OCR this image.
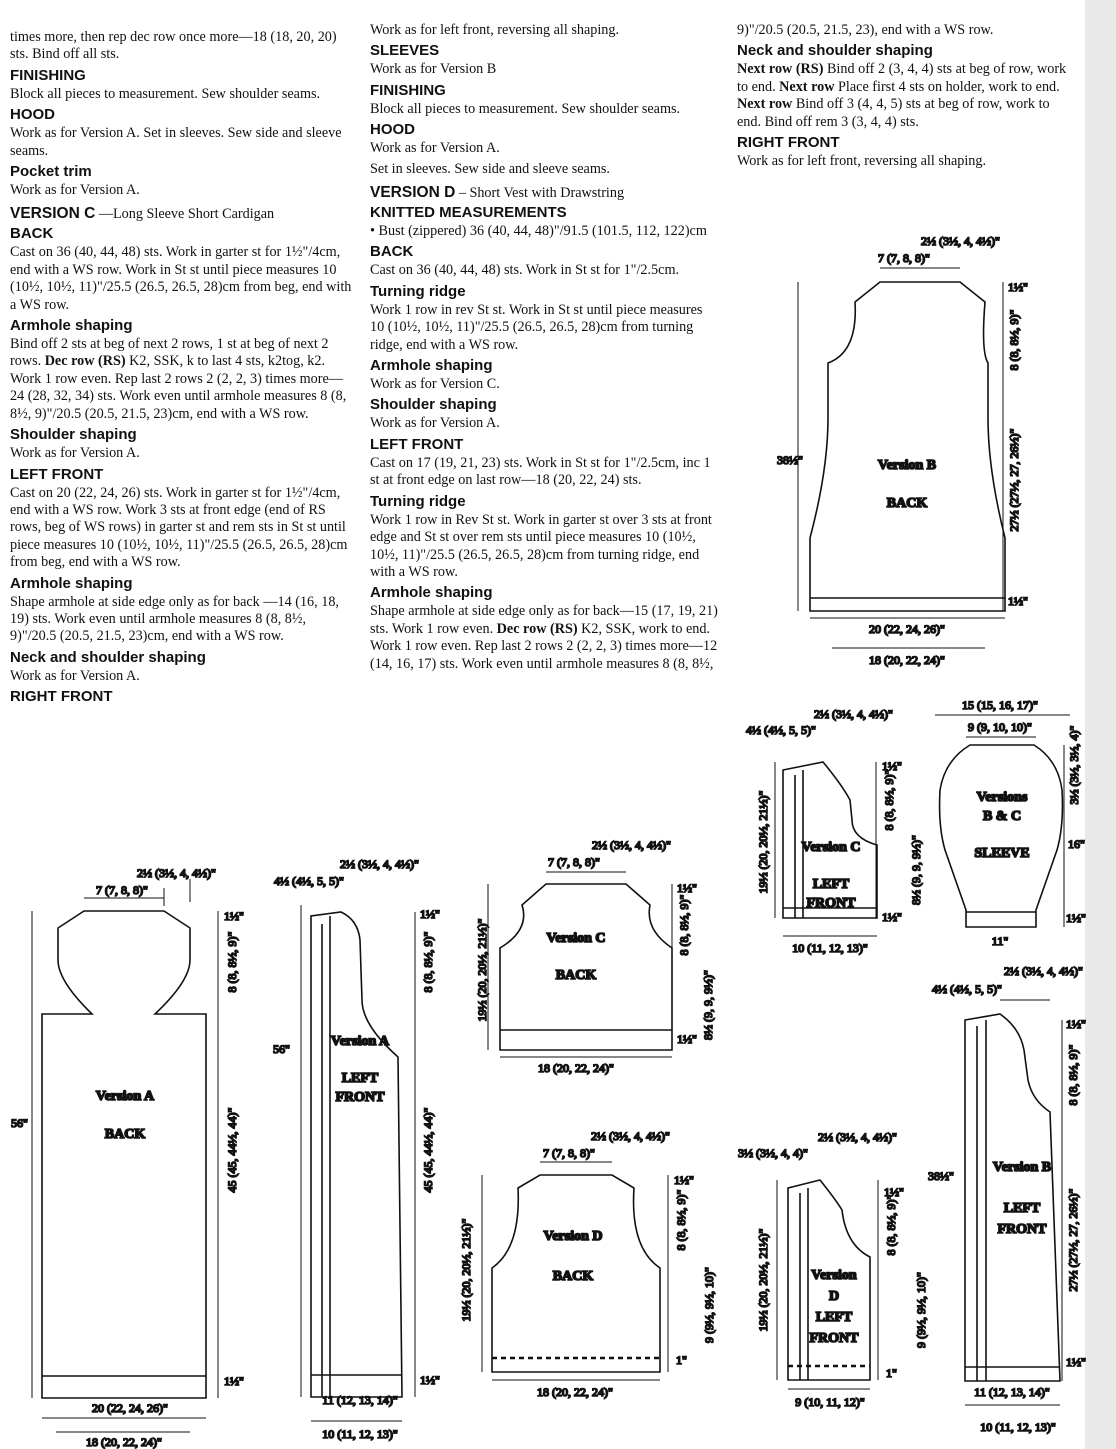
times more, then rep dec row once more—18 (18, 20, 20) sts. Bind off all sts.

FINISHING

Block all pieces to measurement. Sew shoulder seams.

HOOD

Work as for Version A. Set in sleeves. Sew side and sleeve seams.

Pocket trim

Work as for Version A.

VERSION C —Long Sleeve Short Cardigan
BACK

Cast on 36 (40, 44, 48) sts. Work in garter st for 1½"/4cm, end with a WS row. Work in St st until piece measures 10 (10½, 10½, 11)"/25.5 (26.5, 26.5, 28)cm from beg, end with a WS row.

Armhole shaping

Bind off 2 sts at beg of next 2 rows, 1 st at beg of next 2 rows. Dec row (RS) K2, SSK, k to last 4 sts, k2tog, k2. Work 1 row even. Rep last 2 rows 2 (2, 2, 3) times more—24 (28, 32, 34) sts. Work even until armhole measures 8 (8, 8½, 9)"/20.5 (20.5, 21.5, 23)cm, end with a WS row.

Shoulder shaping

Work as for Version A.

LEFT FRONT

Cast on 20 (22, 24, 26) sts. Work in garter st for 1½"/4cm, end with a WS row. Work 3 sts at front edge (end of RS rows, beg of WS rows) in garter st and rem sts in St st until piece measures 10 (10½, 10½, 11)"/25.5 (26.5, 26.5, 28)cm from beg, end with a WS row.

Armhole shaping

Shape armhole at side edge only as for back —14 (16, 18, 19) sts. Work even until armhole measures 8 (8, 8½, 9)"/20.5 (20.5, 21.5, 23)cm, end with a WS row.

Neck and shoulder shaping

Work as for Version A.

RIGHT FRONT

Work as for left front, reversing all shaping.

SLEEVES

Work as for Version B

FINISHING

Block all pieces to measurement. Sew shoulder seams.

HOOD

Work as for Version A.

Set in sleeves. Sew side and sleeve seams.

VERSION D – Short Vest with Drawstring
KNITTED MEASUREMENTS

• Bust (zippered) 36 (40, 44, 48)"/91.5 (101.5, 112, 122)cm

BACK

Cast on 36 (40, 44, 48) sts. Work in St st for 1"/2.5cm.

Turning ridge

Work 1 row in rev St st. Work in St st until piece measures 10 (10½, 10½, 11)"/25.5 (26.5, 26.5, 28)cm from turning ridge, end with a WS row.

Armhole shaping

Work as for Version C.

Shoulder shaping

Work as for Version A.

LEFT FRONT

Cast on 17 (19, 21, 23) sts. Work in St st for 1"/2.5cm, inc 1 st at front edge on last row—18 (20, 22, 24) sts.

Turning ridge

Work 1 row in Rev St st. Work in garter st over 3 sts at front edge and St st over rem sts until piece measures 10 (10½, 10½, 11)"/25.5 (26.5, 26.5, 28)cm from turning ridge, end with a WS row.

Armhole shaping

Shape armhole at side edge only as for back—15 (17, 19, 21) sts. Work 1 row even. Dec row (RS) K2, SSK, work to end. Work 1 row even. Rep last 2 rows 2 (2, 2, 3) times more—12 (14, 16, 17) sts. Work even until armhole measures 8 (8, 8½,

9)"/20.5 (20.5, 21.5, 23), end with a WS row.

Neck and shoulder shaping

Next row (RS) Bind off 2 (3, 4, 4) sts at beg of row, work to end. Next row Place first 4 sts on holder, work to end. Next row Bind off 3 (4, 4, 5) sts at beg of row, work to end. Bind off rem 3 (3, 4, 4) sts.

RIGHT FRONT

Work as for left front, reversing all shaping.

Version A
BACK
56"	45 (45, 44½, 44)"
8 (8, 8½, 9)"
1½"
1½"
7 (7, 8, 8)"
2½ (3½, 4, 4½)"
20 (22, 24, 26)"
18 (20, 22, 24)"
Version A
LEFT
FRONT
56"
45 (45, 44½, 44)"
8 (8, 8½, 9)"
1½"
1½"
4½ (4½, 5, 5)"
2½ (3½, 4, 4½)"
11 (12, 13, 14)"
10 (11, 12, 13)"
Version C
BACK
19½ (20, 20½, 21½)"	8 (8, 8½, 9)"
8½ (9, 9, 9½)"
1½"
1½"
7 (7, 8, 8)"
2½ (3½, 4, 4½)"
18 (20, 22, 24)"
Version B
BACK
38½"
8 (8, 8½, 9)"
27½ (27½, 27, 26½)"
1½"
1½"
7 (7, 8, 8)"
2½ (3½, 4, 4½)"
20 (22, 24, 26)"
18 (20, 22, 24)"
Version C
LEFT
FRONT
19½ (20, 20½, 21½)"	8 (8, 8½, 9)"
8½ (9, 9, 9½)"
1½"
1½"
4½ (4½, 5, 5)"
2½ (3½, 4, 4½)"
10 (11, 12, 13)"
Versions
B & C
SLEEVE
15 (15, 16, 17)"
9 (9, 10, 10)"	3½ (3½, 3½, 4)"
16"
1½"
11"
Version D
BACK
19½ (20, 20½, 21½)"	8 (8, 8½, 9)"
9 (9½, 9½, 10)"
1½"
1"
7 (7, 8, 8)"
2½ (3½, 4, 4½)"
18 (20, 22, 24)"
Version
D
LEFT
FRONT
19½ (20, 20½, 21½)"
8 (8, 8½, 9)"
9 (9½, 9½, 10)"
1½"
1"
3½ (3½, 4, 4)"
2½ (3½, 4, 4½)"
9 (10, 11, 12)"
Version B
LEFT
FRONT
38½"
8 (8, 8½, 9)"
27½ (27½, 27, 26½)"
1½"
1½"
4½ (4½, 5, 5)"
2½ (3½, 4, 4½)"
11 (12, 13, 14)"
10 (11, 12, 13)"
